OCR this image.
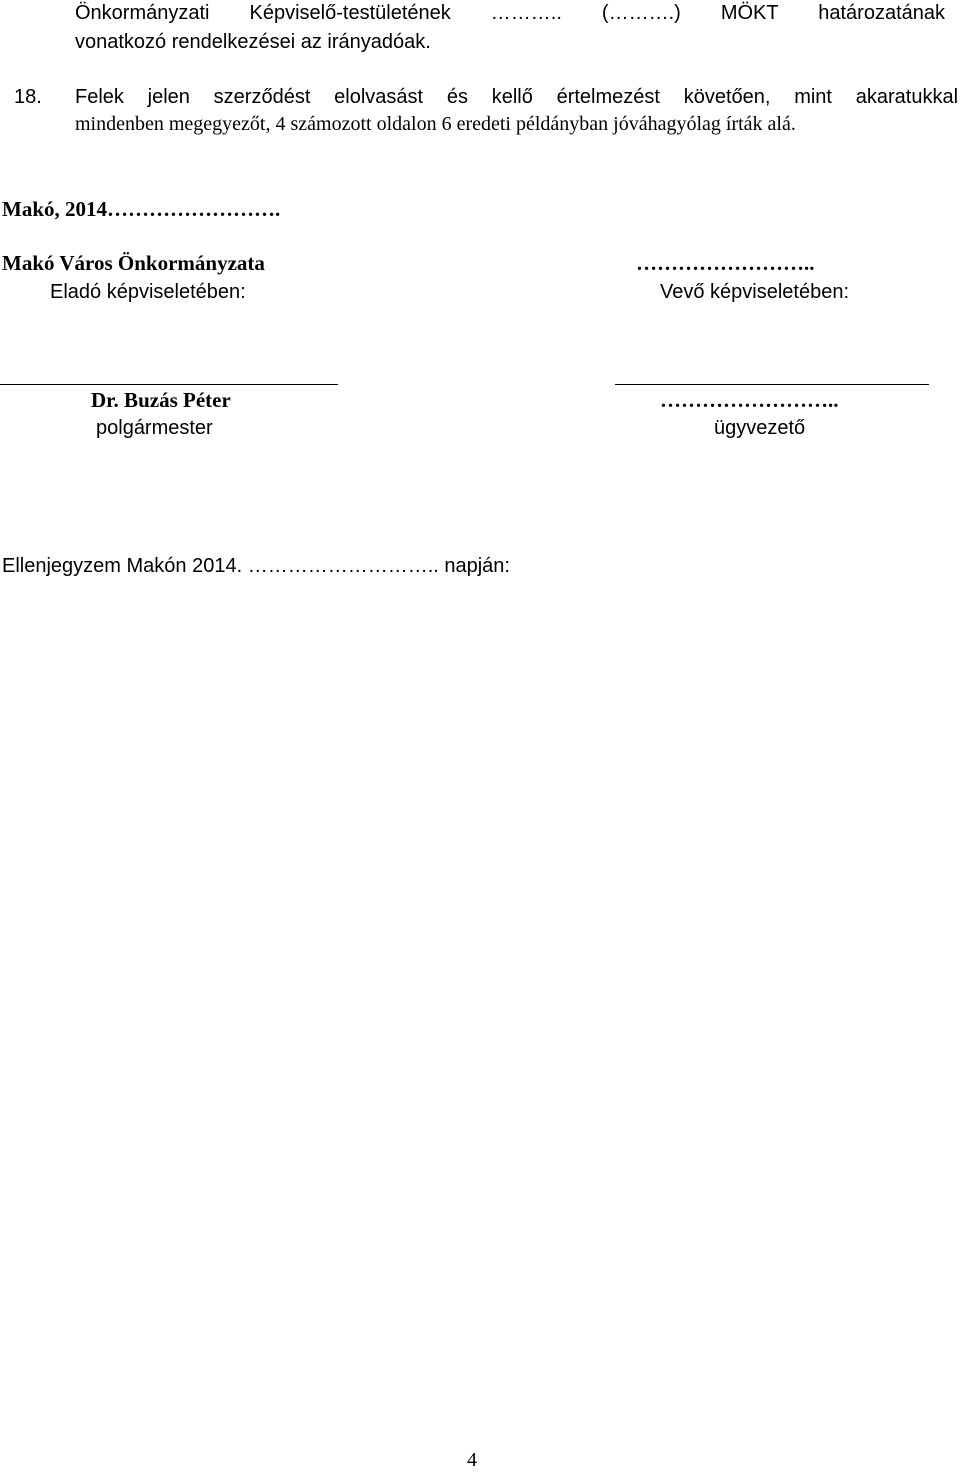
Önkormányzati Képviselő-testületének ……….. (……….) MÖKT határozatának
vonatkozó rendelkezései az irányadóak.
18. Felek jelen szerződést elolvasást és kellő értelmezést követően, mint akaratukkal
mindenben megegyezőt, 4 számozott oldalon 6 eredeti példányban jóváhagyólag írták alá.
Makó, 2014…………………….
Makó Város Önkormányzata	……………………..
Eladó képviseletében:	Vevő képviseletében:
Dr. Buzás Péter	……………………..
polgármester	ügyvezető
Ellenjegyzem Makón 2014. ……………………….. napján:
4
